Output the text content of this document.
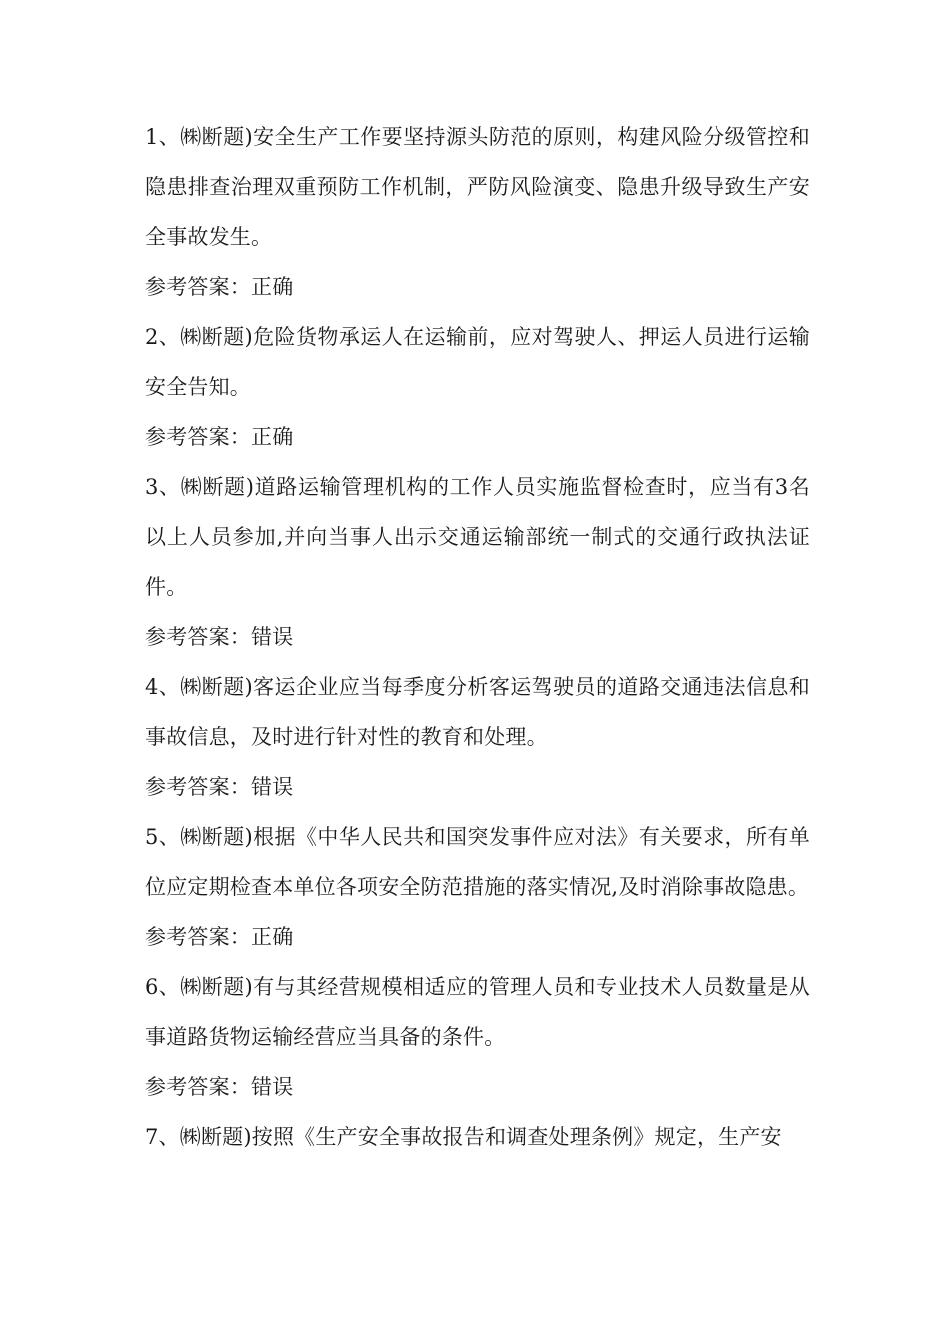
1、㈱断题)安全生产工作要坚持源头防范的原则，构建风险分级管控和隐患排查治理双重预防工作机制，严防风险演变、隐患升级导致生产安全事故发生。

参考答案：正确

2、㈱断题)危险货物承运人在运输前，应对驾驶人、押运人员进行运输安全告知。

参考答案：正确

3、㈱断题)道路运输管理机构的工作人员实施监督检查时，应当有3名以上人员参加,并向当事人出示交通运输部统一制式的交通行政执法证件。

参考答案：错误

4、㈱断题)客运企业应当每季度分析客运驾驶员的道路交通违法信息和事故信息，及时进行针对性的教育和处理。

参考答案：错误

5、㈱断题)根据《中华人民共和国突发事件应对法》有关要求，所有单位应定期检查本单位各项安全防范措施的落实情况,及时消除事故隐患。

参考答案：正确

6、㈱断题)有与其经营规模相适应的管理人员和专业技术人员数量是从事道路货物运输经营应当具备的条件。

参考答案：错误

7、㈱断题)按照《生产安全事故报告和调查处理条例》规定，生产安
